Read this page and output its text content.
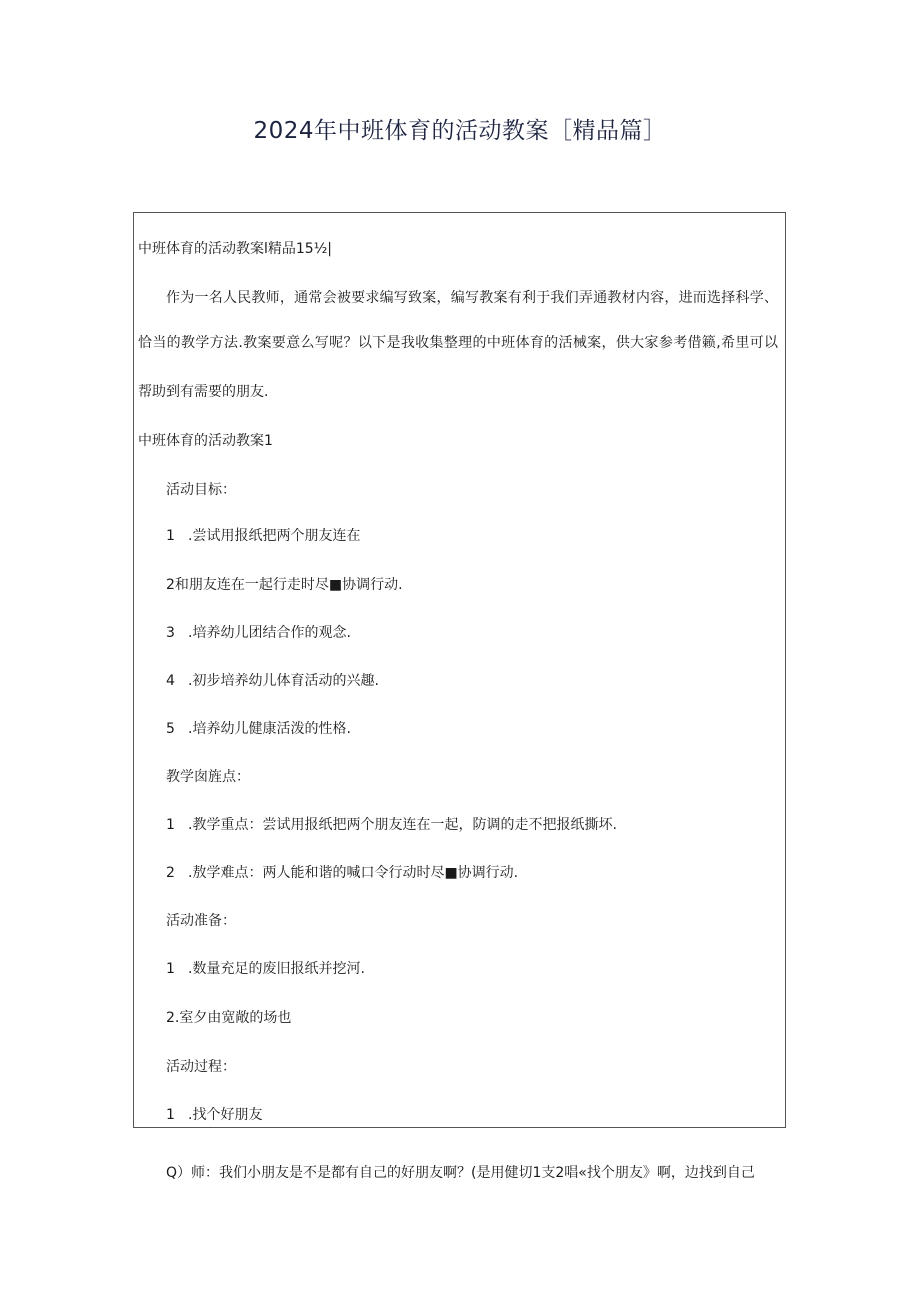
2024年中班体育的活动教案［精品篇］
中班体育的活动教案l精品15½|
作为一名人民教师，通常会被要求编写致案，编写教案有利于我们弄通教材内容，进而选择科学、
恰当的教学方法.教案要意么写呢？以下是我收集整理的中班体育的活械案，供大家参考借籁,希里可以
帮助到有需要的朋友.
中班体育的活动教案1
活动目标：
1 .尝试用报纸把两个朋友连在
2和朋友连在一起行走时尽■协调行动.
3 .培养幼儿团结合作的观念.
4 .初步培养幼儿体育活动的兴趣.
5 .培养幼儿健康活泼的性格.
教学囱旌点：
1 .教学重点：尝试用报纸把两个朋友连在一起，防调的走不把报纸撕坏.
2 .敖学难点：两人能和谐的喊口令行动时尽■协调行动.
活动准备：
1 .数量充足的废旧报纸并挖河.
2.室夕由宽敞的场也
活动过程：
1 .找个好朋友
Q）师：我们小朋友是不是都有自己的好朋友啊？(是用健切1支2唱«找个朋友》啊，边找到自己
